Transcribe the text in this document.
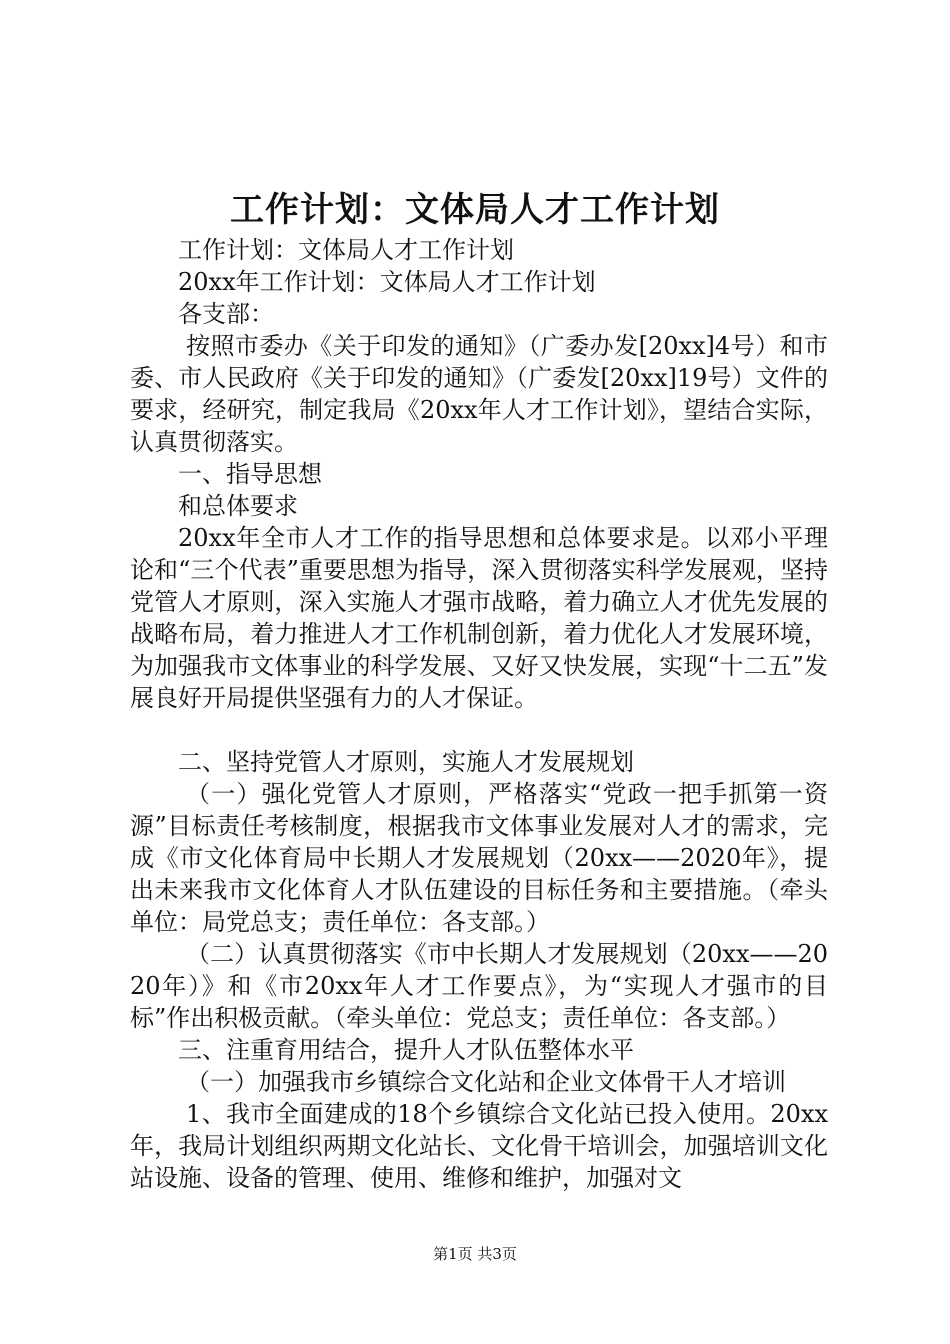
工作计划：文体局人才工作计划

工作计划：文体局人才工作计划

20xx年工作计划：文体局人才工作计划

各支部：

按照市委办《关于印发的通知》（广委办发[20xx]4号）和市委、市人民政府《关于印发的通知》（广委发[20xx]19号）文件的要求，经研究，制定我局《20xx年人才工作计划》，望结合实际，认真贯彻落实。

一、指导思想

和总体要求

20xx年全市人才工作的指导思想和总体要求是。以邓小平理论和“三个代表”重要思想为指导，深入贯彻落实科学发展观，坚持党管人才原则，深入实施人才强市战略，着力确立人才优先发展的战略布局，着力推进人才工作机制创新，着力优化人才发展环境，为加强我市文体事业的科学发展、又好又快发展，实现“十二五”发展良好开局提供坚强有力的人才保证。

二、坚持党管人才原则，实施人才发展规划

（一）强化党管人才原则，严格落实“党政一把手抓第一资源”目标责任考核制度，根据我市文体事业发展对人才的需求，完成《市文化体育局中长期人才发展规划（20xx——2020年》，提出未来我市文化体育人才队伍建设的目标任务和主要措施。（牵头单位：局党总支；责任单位：各支部。）

（二）认真贯彻落实《市中长期人才发展规划（20xx——2020年）》和《市20xx年人才工作要点》，为“实现人才强市的目标”作出积极贡献。（牵头单位：党总支；责任单位：各支部。）

三、注重育用结合，提升人才队伍整体水平

（一）加强我市乡镇综合文化站和企业文体骨干人才培训

1、我市全面建成的18个乡镇综合文化站已投入使用。20xx年，我局计划组织两期文化站长、文化骨干培训会，加强培训文化站设施、设备的管理、使用、维修和维护，加强对文

第1页 共3页
